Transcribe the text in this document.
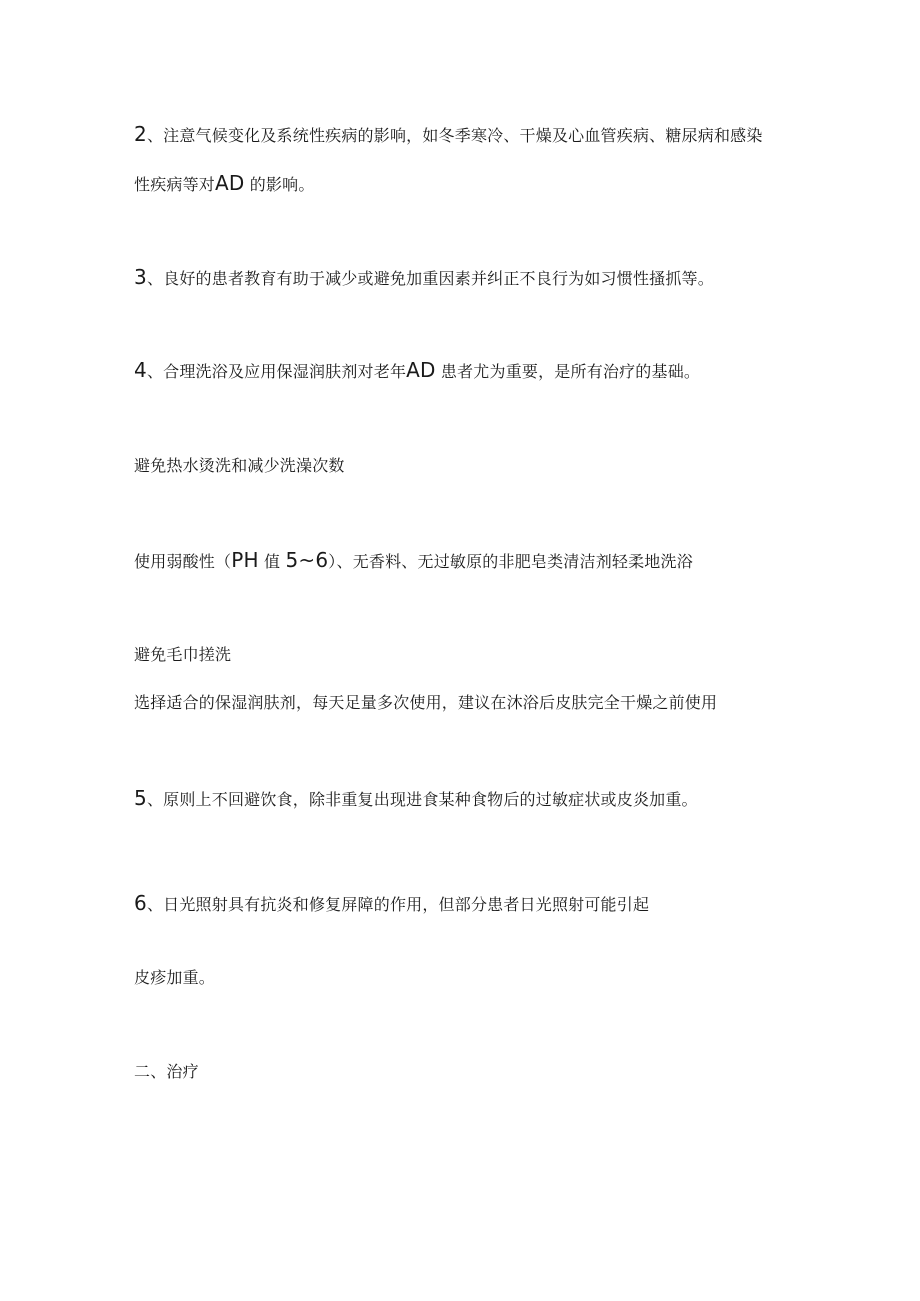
2、注意气候变化及系统性疾病的影响，如冬季寒冷、干燥及心血管疾病、糖尿病和感染
性疾病等对AD 的影响。
3、良好的患者教育有助于减少或避免加重因素并纠正不良行为如习惯性搔抓等。
4、合理洗浴及应用保湿润肤剂对老年AD 患者尤为重要，是所有治疗的基础。
避免热水烫洗和减少洗澡次数
使用弱酸性（PH 值 5~6）、无香料、无过敏原的非肥皂类清洁剂轻柔地洗浴
避免毛巾搓洗
选择适合的保湿润肤剂，每天足量多次使用，建议在沐浴后皮肤完全干燥之前使用
5、原则上不回避饮食，除非重复出现进食某种食物后的过敏症状或皮炎加重。
6、日光照射具有抗炎和修复屏障的作用，但部分患者日光照射可能引起
皮疹加重。
二、治疗
